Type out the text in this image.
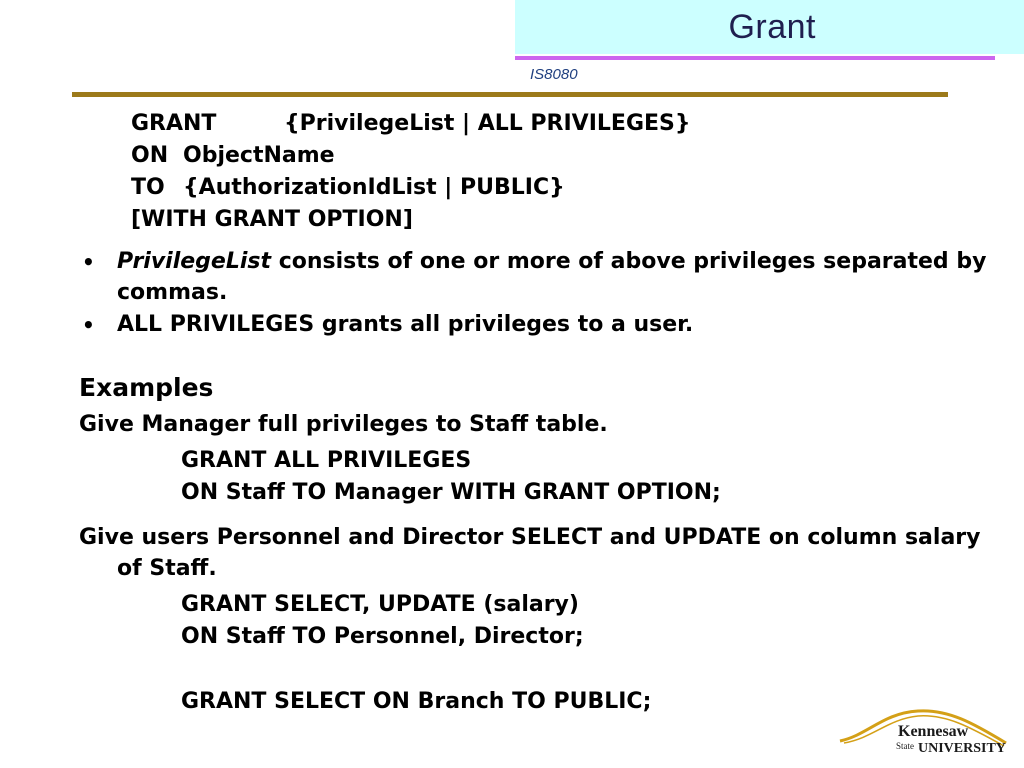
Grant
IS8080
GRANT	{PrivilegeList | ALL PRIVILEGES}
ON ObjectName
TO {AuthorizationIdList | PUBLIC}
[WITH GRANT OPTION]
• PrivilegeList consists of one or more of above privileges separated by commas.
• ALL PRIVILEGES grants all privileges to a user.
Examples
Give Manager full privileges to Staff table.
GRANT ALL PRIVILEGES
ON Staff TO Manager WITH GRANT OPTION;
Give users Personnel and Director SELECT and UPDATE on column salary
of Staff.
GRANT SELECT, UPDATE (salary)
ON Staff TO Personnel, Director;
GRANT SELECT ON Branch TO PUBLIC;
Kennesaw
State UNIVERSITY
